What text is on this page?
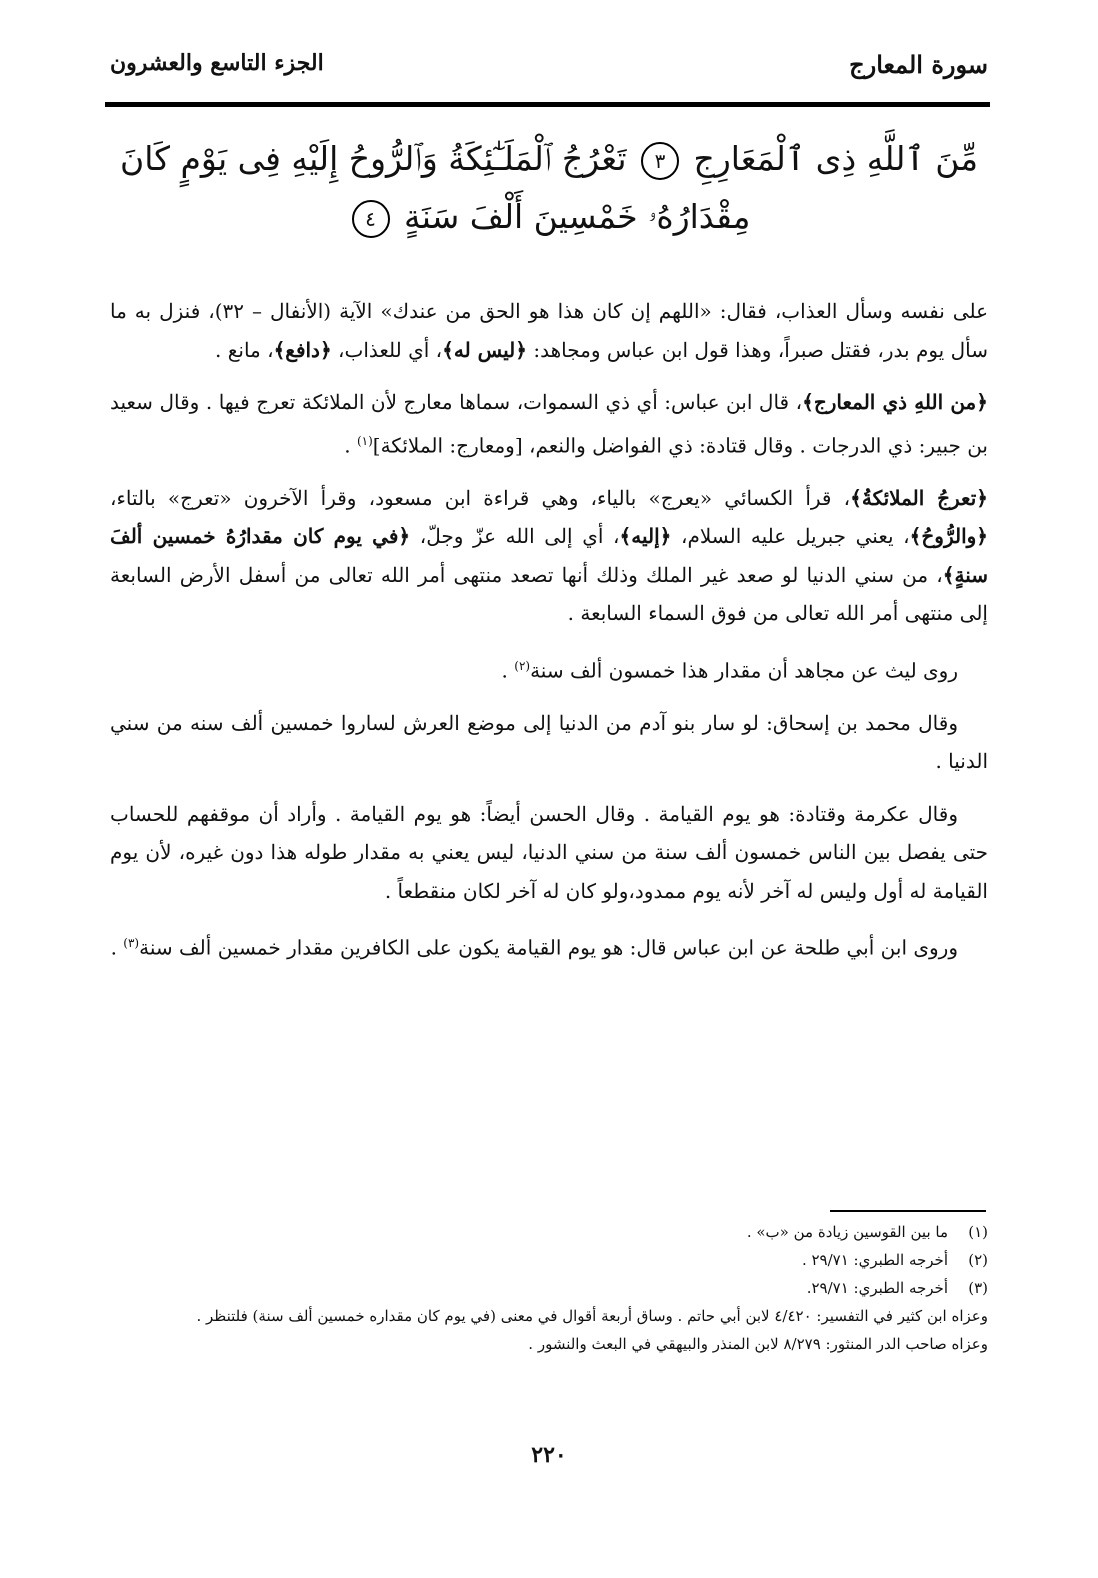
سورة المعارج
الجزء التاسع والعشرون
مِّنَ ٱللَّهِ ذِى ٱلْمَعَارِجِ ٣ تَعْرُجُ ٱلْمَلَـٰٓئِكَةُ وَٱلرُّوحُ إِلَيْهِ فِى يَوْمٍ كَانَ مِقْدَارُهُۥ خَمْسِينَ أَلْفَ سَنَةٍ ٤

على نفسه وسأل العذاب، فقال: «اللهم إن كان هذا هو الحق من عندك» الآية (الأنفال – ٣٢)، فنزل به ما سأل يوم بدر، فقتل صبراً، وهذا قول ابن عباس ومجاهد: ﴿ليس له﴾، أي للعذاب، ﴿دافع﴾، مانع .

﴿من اللهِ ذي المعارج﴾، قال ابن عباس: أي ذي السموات، سماها معارج لأن الملائكة تعرج فيها . وقال سعيد بن جبير: ذي الدرجات . وقال قتادة: ذي الفواضل والنعم، [ومعارج: الملائكة]$^{(١)}$ .

﴿تعرجُ الملائكةُ﴾، قرأ الكسائي «يعرج» بالياء، وهي قراءة ابن مسعود، وقرأ الآخرون «تعرج» بالتاء، ﴿والرُّوحُ﴾، يعني جبريل عليه السلام، ﴿إليه﴾، أي إلى الله عزّ وجلّ، ﴿في يوم كان مقدارُهُ خمسين ألفَ سنةٍ﴾، من سني الدنيا لو صعد غير الملك وذلك أنها تصعد منتهى أمر الله تعالى من أسفل الأرض السابعة إلى منتهى أمر الله تعالى من فوق السماء السابعة .

روى ليث عن مجاهد أن مقدار هذا خمسون ألف سنة$^{(٢)}$ .

وقال محمد بن إسحاق: لو سار بنو آدم من الدنيا إلى موضع العرش لساروا خمسين ألف سنه من سني الدنيا .

وقال عكرمة وقتادة: هو يوم القيامة . وقال الحسن أيضاً: هو يوم القيامة . وأراد أن موقفهم للحساب حتى يفصل بين الناس خمسون ألف سنة من سني الدنيا، ليس يعني به مقدار طوله هذا دون غيره، لأن يوم القيامة له أول وليس له آخر لأنه يوم ممدود،ولو كان له آخر لكان منقطعاً .

وروى ابن أبي طلحة عن ابن عباس قال: هو يوم القيامة يكون على الكافرين مقدار خمسين ألف سنة$^{(٣)}$ .

(١)
ما بين القوسين زيادة من «ب» .
(٢)
أخرجه الطبري: ٢٩/٧١ .
(٣)
أخرجه الطبري: ٢٩/٧١.
وعزاه ابن كثير في التفسير: ٤/٤٢٠ لابن أبي حاتم . وساق أربعة أقوال في معنى (في يوم كان مقداره خمسين ألف سنة) فلتنظر .
وعزاه صاحب الدر المنثور: ٨/٢٧٩ لابن المنذر والبيهقي في البعث والنشور .
٢٢٠
